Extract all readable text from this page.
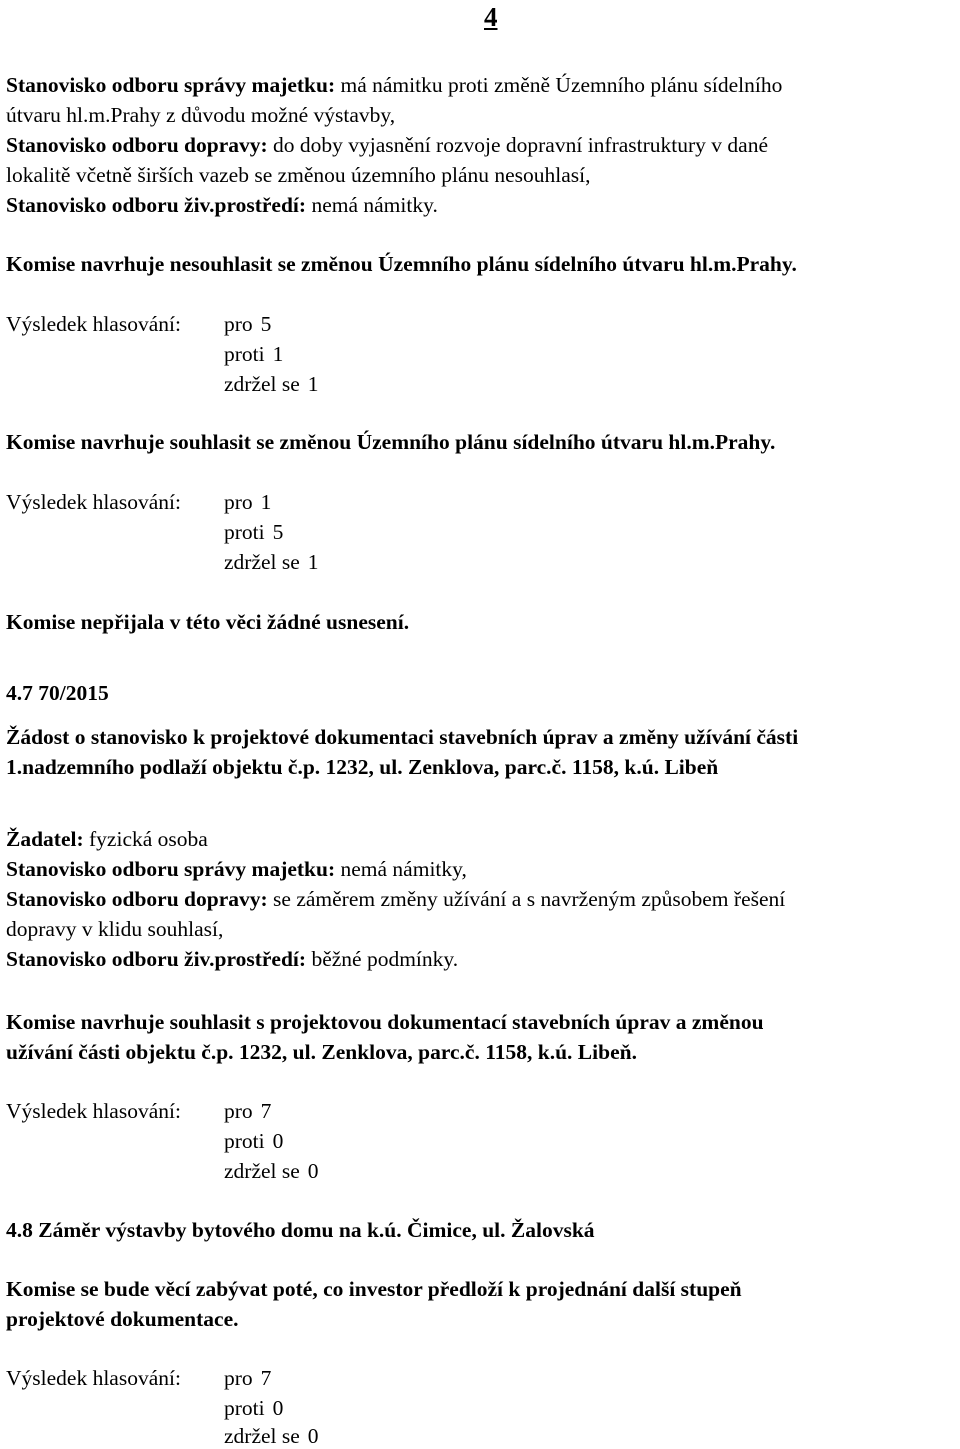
4
Stanovisko odboru správy majetku: má námitku proti změně Územního plánu sídelního
útvaru hl.m.Prahy z důvodu možné výstavby,
Stanovisko odboru dopravy: do doby vyjasnění rozvoje dopravní infrastruktury v dané
lokalitě včetně širších vazeb se změnou územního plánu nesouhlasí,
Stanovisko odboru živ.prostředí: nemá námitky.
Komise navrhuje nesouhlasit se změnou Územního plánu sídelního útvaru hl.m.Prahy.
Výsledek hlasování: pro 5
proti 1
zdržel se 1
Komise navrhuje souhlasit se změnou Územního plánu sídelního útvaru hl.m.Prahy.
Výsledek hlasování: pro 1
proti 5
zdržel se 1
Komise nepřijala v této věci žádné usnesení.
4.7 70/2015
Žádost o stanovisko k projektové dokumentaci stavebních úprav a změny užívání části
1.nadzemního podlaží objektu č.p. 1232, ul. Zenklova, parc.č. 1158, k.ú. Libeň
Žadatel: fyzická osoba
Stanovisko odboru správy majetku: nemá námitky,
Stanovisko odboru dopravy: se záměrem změny užívání a s navrženým způsobem řešení
dopravy v klidu souhlasí,
Stanovisko odboru živ.prostředí: běžné podmínky.
Komise navrhuje souhlasit s projektovou dokumentací stavebních úprav a změnou
užívání části objektu č.p. 1232, ul. Zenklova, parc.č. 1158, k.ú. Libeň.
Výsledek hlasování: pro 7
proti 0
zdržel se 0
4.8 Záměr výstavby bytového domu na k.ú. Čimice, ul. Žalovská
Komise se bude věcí zabývat poté, co investor předloží k projednání další stupeň
projektové dokumentace.
Výsledek hlasování: pro 7
proti 0
zdržel se 0
